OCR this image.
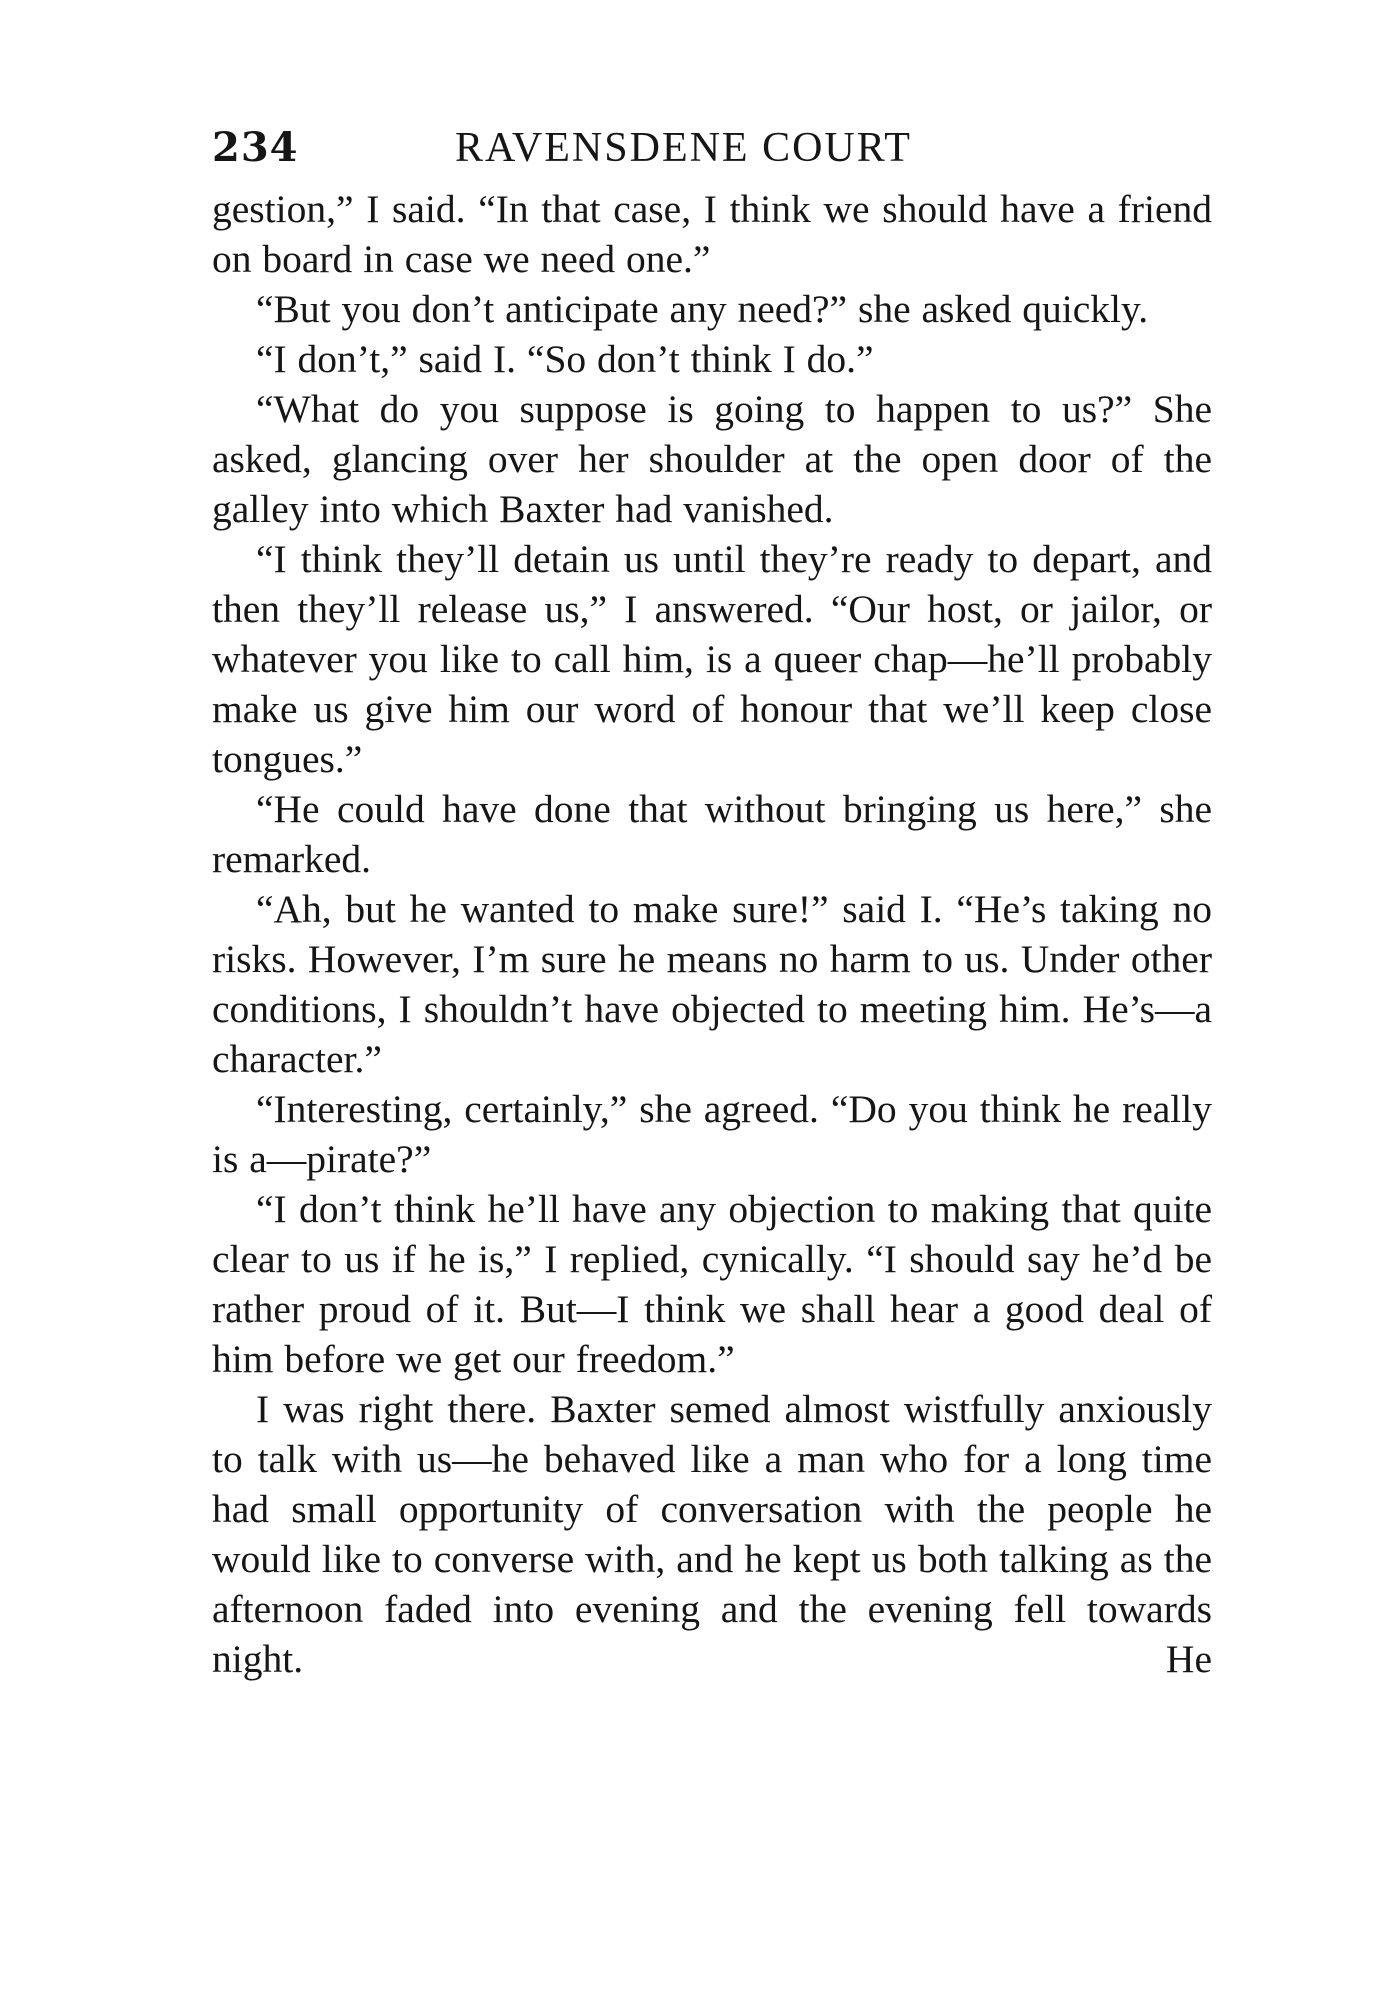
234	RAVENSDENE COURT

gestion,” I said. “In that case, I think we should have a friend on board in case we need one.”

“But you don’t anticipate any need?” she asked quickly.

“I don’t,” said I. “So don’t think I do.”

“What do you suppose is going to happen to us?” She asked, glancing over her shoulder at the open door of the galley into which Baxter had vanished.

“I think they’ll detain us until they’re ready to depart, and then they’ll release us,” I answered. “Our host, or jailor, or whatever you like to call him, is a queer chap—he’ll probably make us give him our word of honour that we’ll keep close tongues.”

“He could have done that without bringing us here,” she remarked.

“Ah, but he wanted to make sure!” said I. “He’s taking no risks. However, I’m sure he means no harm to us. Under other conditions, I shouldn’t have objected to meeting him. He’s—a character.”

“Interesting, certainly,” she agreed. “Do you think he really is a—pirate?”

“I don’t think he’ll have any objection to making that quite clear to us if he is,” I replied, cynically. “I should say he’d be rather proud of it. But—I think we shall hear a good deal of him before we get our freedom.”

I was right there. Baxter semed almost wistfully anxiously to talk with us—he behaved like a man who for a long time had small opportunity of conversation with the people he would like to converse with, and he kept us both talking as the afternoon faded into evening and the evening fell towards night. He
